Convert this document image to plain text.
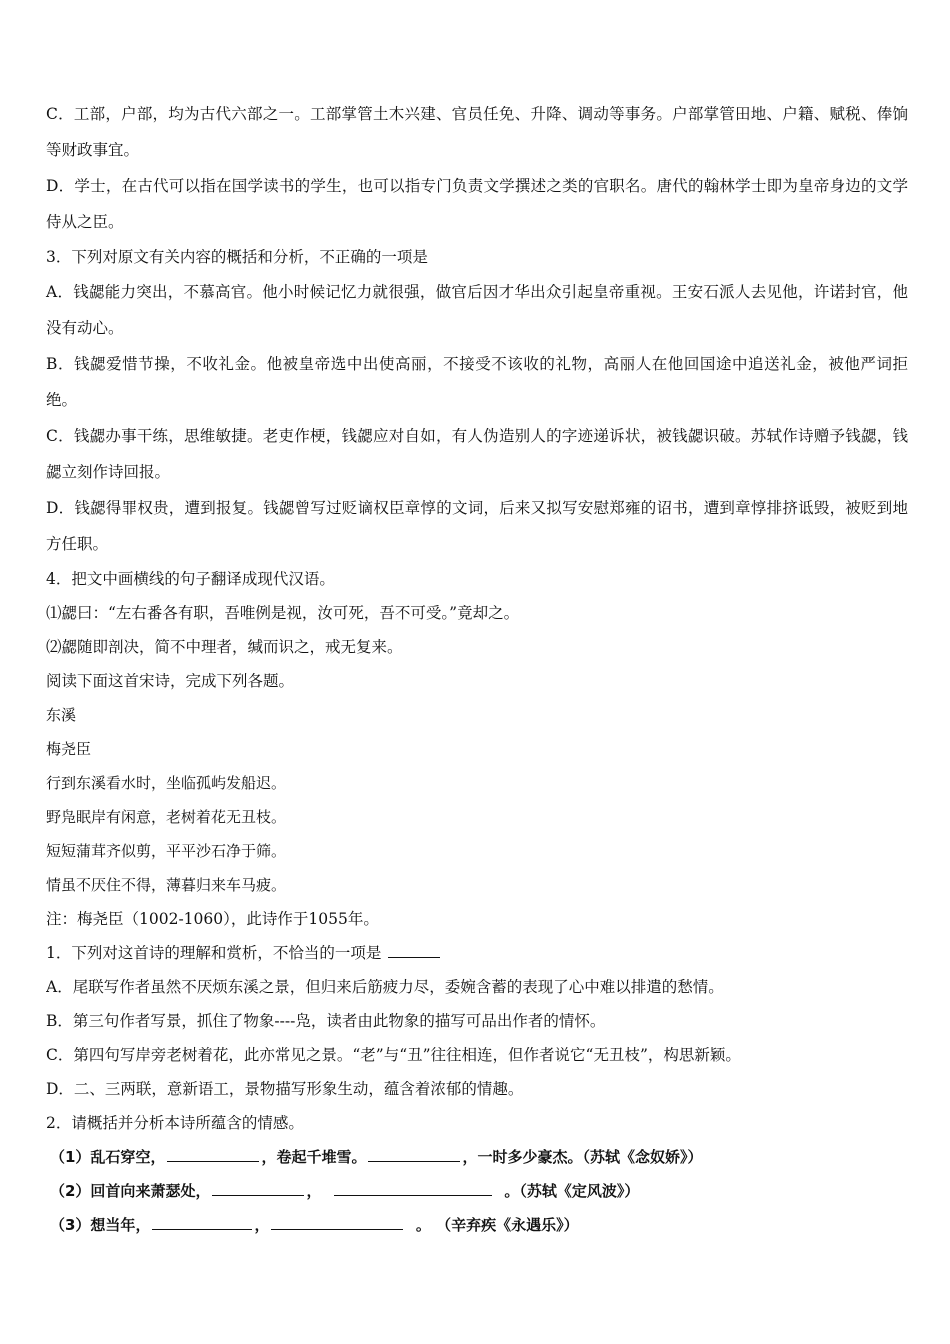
C．工部，户部，均为古代六部之一。工部掌管土木兴建、官员任免、升降、调动等事务。户部掌管田地、户籍、赋税、俸饷等财政事宜。
D．学士，在古代可以指在国学读书的学生，也可以指专门负责文学撰述之类的官职名。唐代的翰林学士即为皇帝身边的文学侍从之臣。
3．下列对原文有关内容的概括和分析，不正确的一项是
A．钱勰能力突出，不慕高官。他小时候记忆力就很强，做官后因才华出众引起皇帝重视。王安石派人去见他，许诺封官，他没有动心。
B．钱勰爱惜节操，不收礼金。他被皇帝选中出使高丽，不接受不该收的礼物，高丽人在他回国途中追送礼金，被他严词拒绝。
C．钱勰办事干练，思维敏捷。老吏作梗，钱勰应对自如，有人伪造别人的字迹递诉状，被钱勰识破。苏轼作诗赠予钱勰，钱勰立刻作诗回报。
D．钱勰得罪权贵，遭到报复。钱勰曾写过贬谪权臣章惇的文词，后来又拟写安慰郑雍的诏书，遭到章惇排挤诋毁，被贬到地方任职。
4．把文中画横线的句子翻译成现代汉语。
⑴勰曰：“左右番各有职，吾唯例是视，汝可死，吾不可受。”竟却之。
⑵勰随即剖决，简不中理者，缄而识之，戒无复来。
阅读下面这首宋诗，完成下列各题。
东溪
梅尧臣
行到东溪看水时，坐临孤屿发船迟。
野凫眠岸有闲意，老树着花无丑枝。
短短蒲茸齐似剪，平平沙石净于筛。
情虽不厌住不得，薄暮归来车马疲。
注：梅尧臣（1002-1060），此诗作于1055年。
1．下列对这首诗的理解和赏析，不恰当的一项是
A．尾联写作者虽然不厌烦东溪之景，但归来后筋疲力尽，委婉含蓄的表现了心中难以排遣的愁情。
B．第三句作者写景，抓住了物象----凫，读者由此物象的描写可品出作者的情怀。
C．第四句写岸旁老树着花，此亦常见之景。“老”与“丑”往往相连，但作者说它“无丑枝”，构思新颖。
D．二、三两联，意新语工，景物描写形象生动，蕴含着浓郁的情趣。
2．请概括并分析本诗所蕴含的情感。
（1）乱石穿空，	，卷起千堆雪。	，一时多少豪杰。（苏轼《念奴娇》）
（2）回首向来萧瑟处，	，	。（苏轼《定风波》）
（3）想当年，	，	。 （辛弃疾《永遇乐》）
